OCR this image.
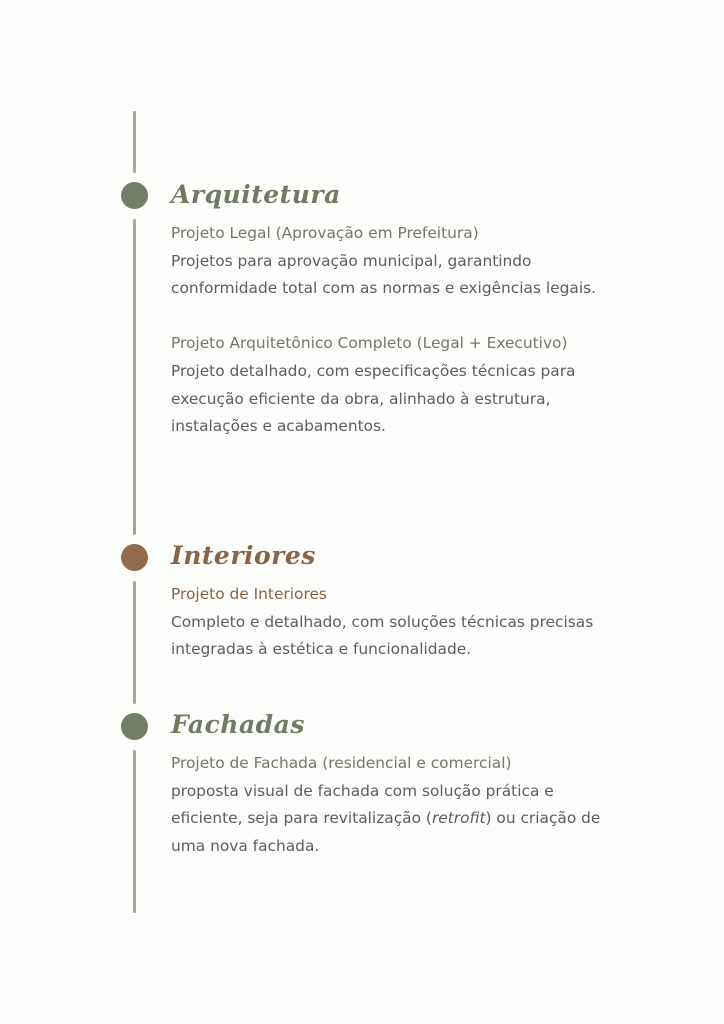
Arquitetura

Projeto Legal (Aprovação em Prefeitura)

Projetos para aprovação municipal, garantindo conformidade total com as normas e exigências legais.

Projeto Arquitetônico Completo (Legal + Executivo)

Projeto detalhado, com especificações técnicas para execução eficiente da obra, alinhado à estrutura, instalações e acabamentos.

Interiores

Projeto de Interiores

Completo e detalhado, com soluções técnicas precisas integradas à estética e funcionalidade.

Fachadas

Projeto de Fachada (residencial e comercial)

proposta visual de fachada com solução prática e eficiente, seja para revitalização (retrofit) ou criação de uma nova fachada.
